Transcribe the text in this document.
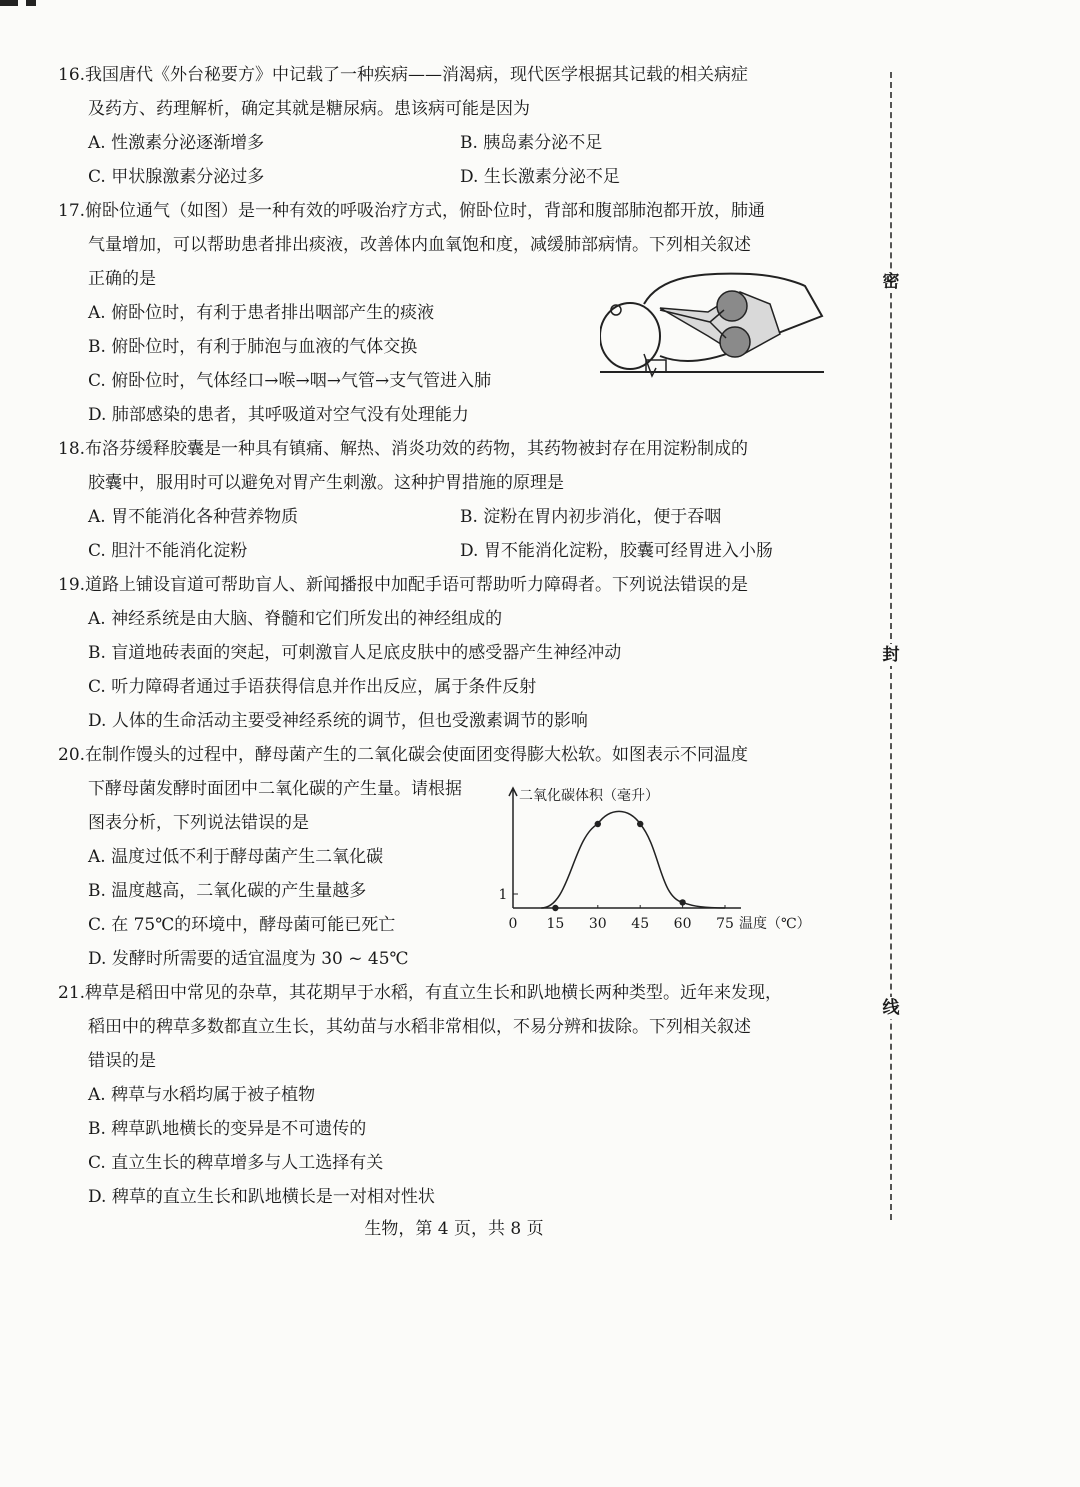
16.我国唐代《外台秘要方》中记载了一种疾病——消渴病，现代医学根据其记载的相关病症
及药方、药理解析，确定其就是糖尿病。患该病可能是因为
A. 性激素分泌逐渐增多	B. 胰岛素分泌不足
C. 甲状腺激素分泌过多	D. 生长激素分泌不足
17.俯卧位通气（如图）是一种有效的呼吸治疗方式，俯卧位时，背部和腹部肺泡都开放，肺通
气量增加，可以帮助患者排出痰液，改善体内血氧饱和度，减缓肺部病情。下列相关叙述
正确的是
A. 俯卧位时，有利于患者排出咽部产生的痰液
B. 俯卧位时，有利于肺泡与血液的气体交换
C. 俯卧位时，气体经口→喉→咽→气管→支气管进入肺
D. 肺部感染的患者，其呼吸道对空气没有处理能力
18.布洛芬缓释胶囊是一种具有镇痛、解热、消炎功效的药物，其药物被封存在用淀粉制成的
胶囊中，服用时可以避免对胃产生刺激。这种护胃措施的原理是
A. 胃不能消化各种营养物质	B. 淀粉在胃内初步消化，便于吞咽
C. 胆汁不能消化淀粉	D. 胃不能消化淀粉，胶囊可经胃进入小肠
19.道路上铺设盲道可帮助盲人、新闻播报中加配手语可帮助听力障碍者。下列说法错误的是
A. 神经系统是由大脑、脊髓和它们所发出的神经组成的
B. 盲道地砖表面的突起，可刺激盲人足底皮肤中的感受器产生神经冲动
C. 听力障碍者通过手语获得信息并作出反应，属于条件反射
D. 人体的生命活动主要受神经系统的调节，但也受激素调节的影响
20.在制作馒头的过程中，酵母菌产生的二氧化碳会使面团变得膨大松软。如图表示不同温度
下酵母菌发酵时面团中二氧化碳的产生量。请根据
图表分析，下列说法错误的是
A. 温度过低不利于酵母菌产生二氧化碳
B. 温度越高，二氧化碳的产生量越多
C. 在 75℃的环境中，酵母菌可能已死亡
D. 发酵时所需要的适宜温度为 30 ~ 45℃
21.稗草是稻田中常见的杂草，其花期早于水稻，有直立生长和趴地横长两种类型。近年来发现，
稻田中的稗草多数都直立生长，其幼苗与水稻非常相似，不易分辨和拔除。下列相关叙述
错误的是
A. 稗草与水稻均属于被子植物
B. 稗草趴地横长的变异是不可遗传的
C. 直立生长的稗草增多与人工选择有关
D. 稗草的直立生长和趴地横长是一对相对性状
二氧化碳体积（毫升）
温度（℃）
0 15 30 45 60 75
1
密
封
线
生物，第 4 页，共 8 页
